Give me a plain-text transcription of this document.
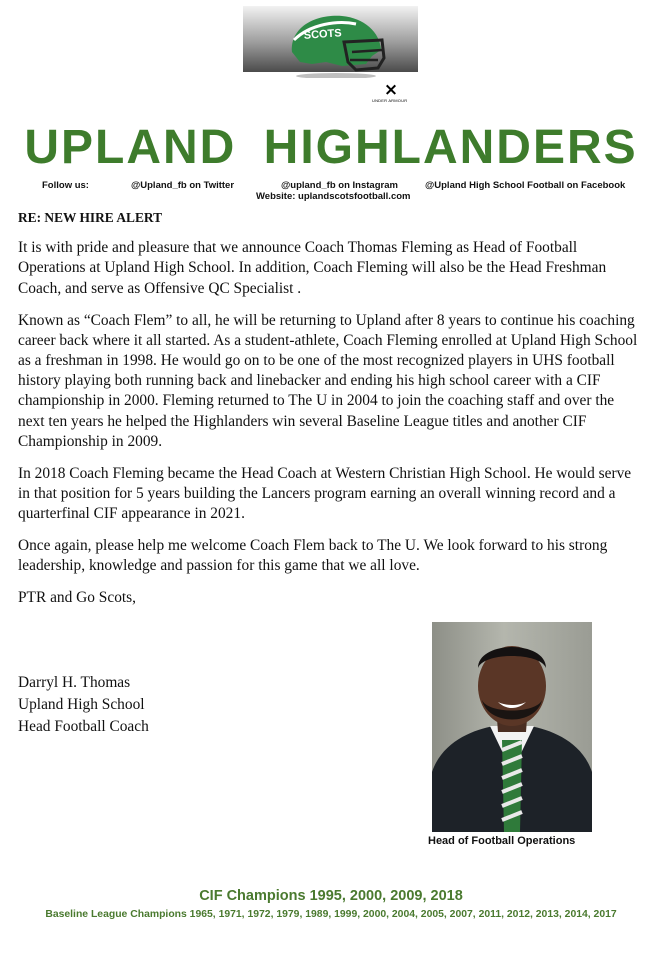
SCOTS
⨯
UNDER ARMOUR
UPLAND HIGHLANDERS
Follow us:	@Upland_fb on Twitter	@upland_fb on Instagram
Website: uplandscotsfootball.com
@Upland High School Football on Facebook

RE: NEW HIRE ALERT

It is with pride and pleasure that we announce Coach Thomas Fleming as Head of Football Operations at Upland High School. In addition, Coach Fleming will also be the Head Freshman Coach, and serve as Offensive QC Specialist .

Known as “Coach Flem” to all, he will be returning to Upland after 8 years to continue his coaching career back where it all started. As a student-athlete, Coach Fleming enrolled at Upland High School as a freshman in 1998. He would go on to be one of the most recognized players in UHS football history playing both running back and linebacker and ending his high school career with a CIF championship in 2000. Fleming returned to The U in 2004 to join the coaching staff and over the next ten years he helped the Highlanders win several Baseline League titles and another CIF Championship in 2009.

In 2018 Coach Fleming became the Head Coach at Western Christian High School. He would serve in that position for 5 years building the Lancers program earning an overall winning record and a quarterfinal CIF appearance in 2021.

Once again, please help me welcome Coach Flem back to The U. We look forward to his strong leadership, knowledge and passion for this game that we all love.

PTR and Go Scots,

Darryl H. Thomas
Upland High School
Head Football Coach
Head of Football Operations
CIF Champions 1995, 2000, 2009, 2018
Baseline League Champions 1965, 1971, 1972, 1979, 1989, 1999, 2000, 2004, 2005, 2007, 2011, 2012, 2013, 2014, 2017
